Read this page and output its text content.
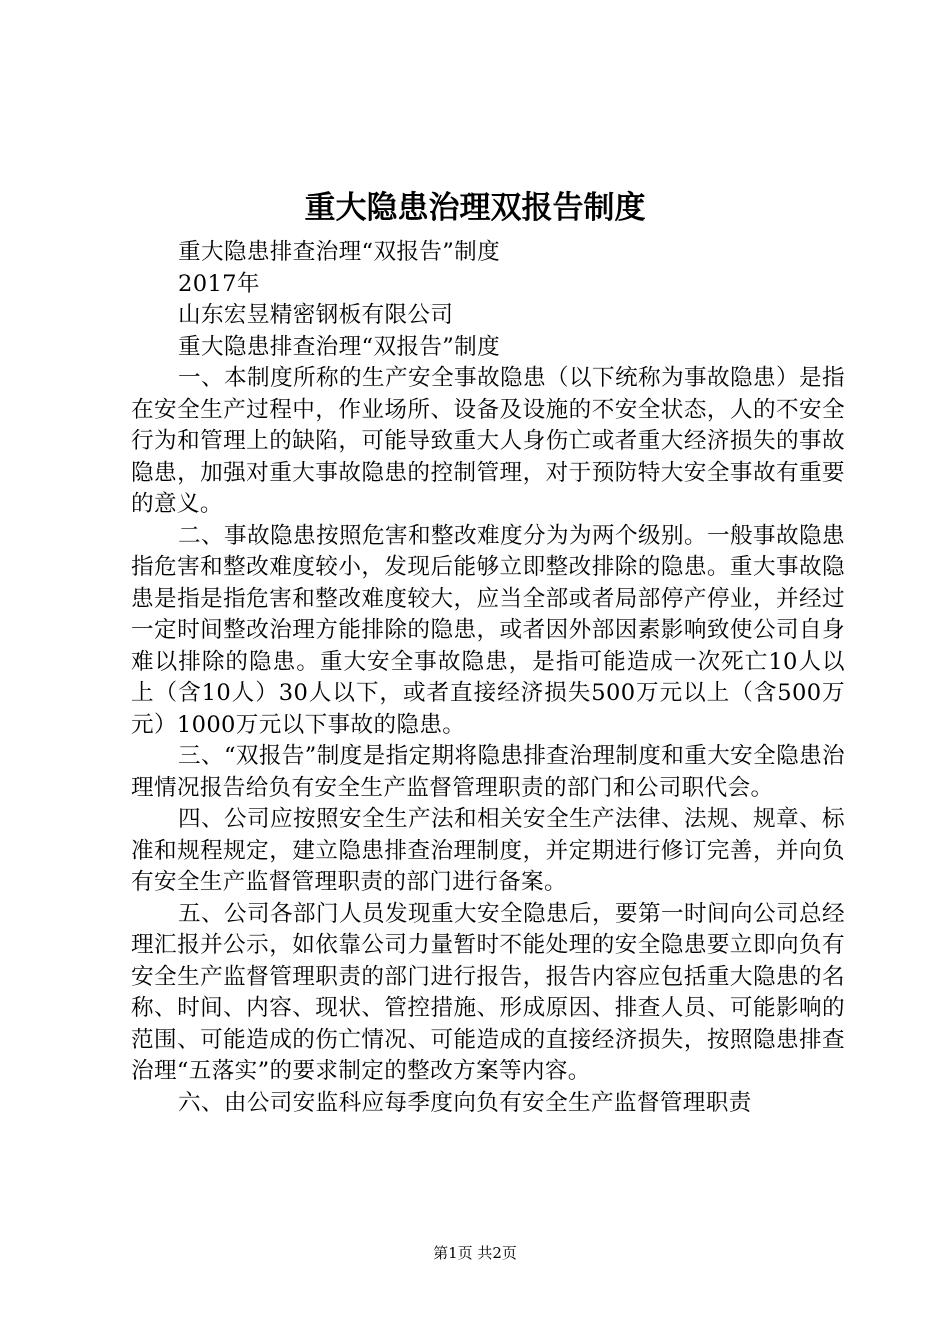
重大隐患治理双报告制度

重大隐患排查治理“双报告”制度

2017年

山东宏昱精密钢板有限公司

重大隐患排查治理“双报告”制度

一、本制度所称的生产安全事故隐患（以下统称为事故隐患）是指在安全生产过程中，作业场所、设备及设施的不安全状态，人的不安全行为和管理上的缺陷，可能导致重大人身伤亡或者重大经济损失的事故隐患，加强对重大事故隐患的控制管理，对于预防特大安全事故有重要的意义。

二、事故隐患按照危害和整改难度分为为两个级别。一般事故隐患指危害和整改难度较小，发现后能够立即整改排除的隐患。重大事故隐患是指是指危害和整改难度较大，应当全部或者局部停产停业，并经过一定时间整改治理方能排除的隐患，或者因外部因素影响致使公司自身难以排除的隐患。重大安全事故隐患，是指可能造成一次死亡10人以上（含10人）30人以下，或者直接经济损失500万元以上（含500万元）1000万元以下事故的隐患。

三、“双报告”制度是指定期将隐患排查治理制度和重大安全隐患治理情况报告给负有安全生产监督管理职责的部门和公司职代会。

四、公司应按照安全生产法和相关安全生产法律、法规、规章、标准和规程规定，建立隐患排查治理制度，并定期进行修订完善，并向负有安全生产监督管理职责的部门进行备案。

五、公司各部门人员发现重大安全隐患后，要第一时间向公司总经理汇报并公示，如依靠公司力量暂时不能处理的安全隐患要立即向负有安全生产监督管理职责的部门进行报告，报告内容应包括重大隐患的名称、时间、内容、现状、管控措施、形成原因、排查人员、可能影响的范围、可能造成的伤亡情况、可能造成的直接经济损失，按照隐患排查治理“五落实”的要求制定的整改方案等内容。

六、由公司安监科应每季度向负有安全生产监督管理职责

第1页 共2页
